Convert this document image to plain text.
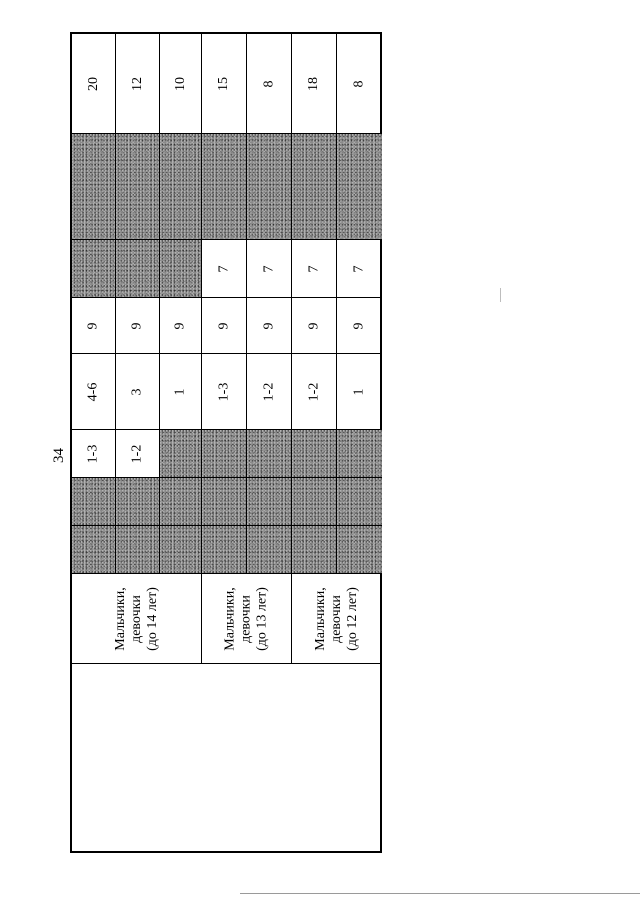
34
Мальчики, девочки (до 14 лет)	Мальчики, девочки (до 13 лет)	Мальчики, девочки (до 12 лет)
20
9
4-6
1-3
12
9
3
1-2
10
9
1
15
7
9
1-3
8
7
9
1-2
18
7
9
1-2
8
7
9
1
